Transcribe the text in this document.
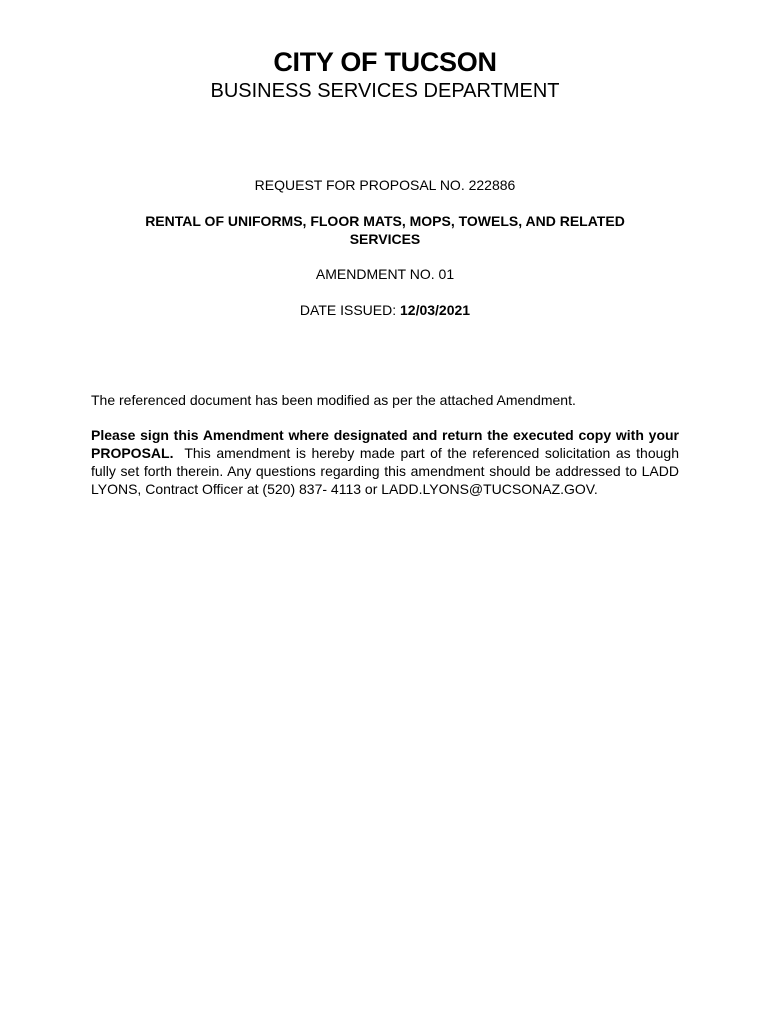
CITY OF TUCSON
BUSINESS SERVICES DEPARTMENT
REQUEST FOR PROPOSAL NO. 222886
RENTAL OF UNIFORMS, FLOOR MATS, MOPS, TOWELS, AND RELATED SERVICES
AMENDMENT NO. 01
DATE ISSUED: 12/03/2021
The referenced document has been modified as per the attached Amendment.
Please sign this Amendment where designated and return the executed copy with your PROPOSAL. This amendment is hereby made part of the referenced solicitation as though fully set forth therein. Any questions regarding this amendment should be addressed to LADD LYONS, Contract Officer at (520) 837- 4113 or LADD.LYONS@TUCSONAZ.GOV.
